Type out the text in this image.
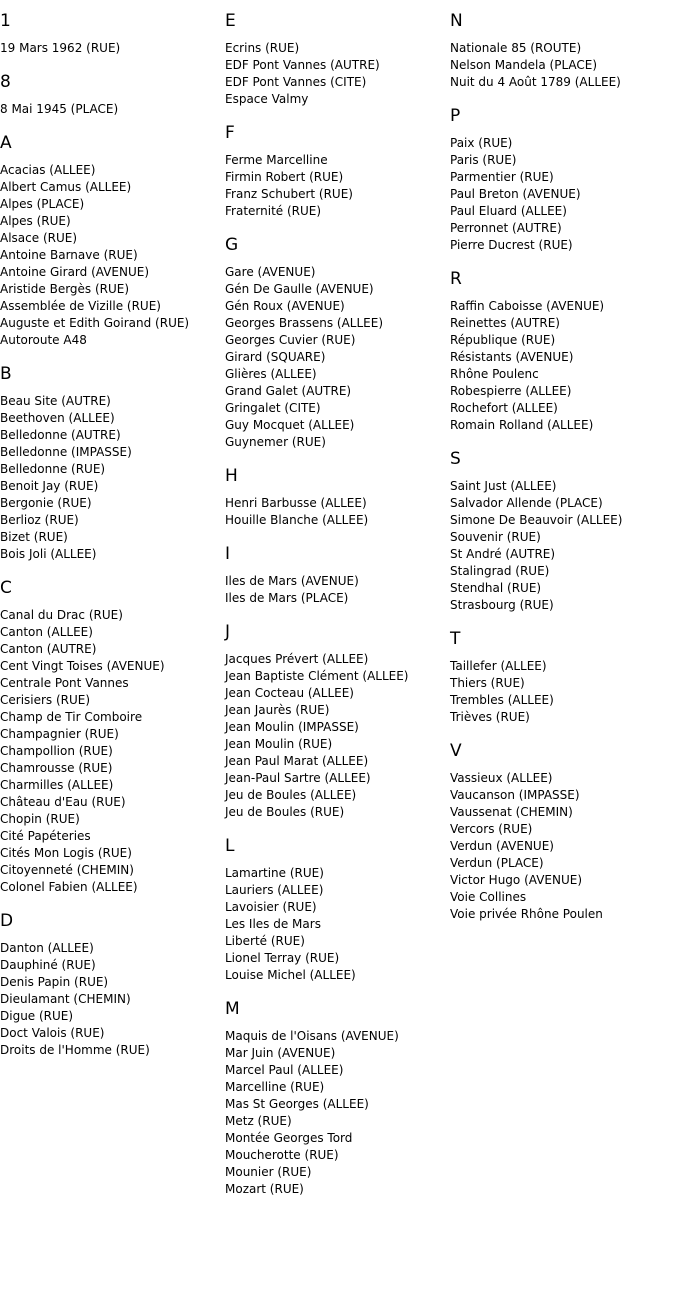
1
19 Mars 1962 (RUE)
8
8 Mai 1945 (PLACE)
A
Acacias (ALLEE)
Albert Camus (ALLEE)
Alpes (PLACE)
Alpes (RUE)
Alsace (RUE)
Antoine Barnave (RUE)
Antoine Girard (AVENUE)
Aristide Bergès (RUE)
Assemblée de Vizille (RUE)
Auguste et Edith Goirand (RUE)
Autoroute A48
B
Beau Site (AUTRE)
Beethoven (ALLEE)
Belledonne (AUTRE)
Belledonne (IMPASSE)
Belledonne (RUE)
Benoit Jay (RUE)
Bergonie (RUE)
Berlioz (RUE)
Bizet (RUE)
Bois Joli (ALLEE)
C
Canal du Drac (RUE)
Canton (ALLEE)
Canton (AUTRE)
Cent Vingt Toises (AVENUE)
Centrale Pont Vannes
Cerisiers (RUE)
Champ de Tir Comboire
Champagnier (RUE)
Champollion (RUE)
Chamrousse (RUE)
Charmilles (ALLEE)
Château d'Eau (RUE)
Chopin (RUE)
Cité Papéteries
Cités Mon Logis (RUE)
Citoyenneté (CHEMIN)
Colonel Fabien (ALLEE)
D
Danton (ALLEE)
Dauphiné (RUE)
Denis Papin (RUE)
Dieulamant (CHEMIN)
Digue (RUE)
Doct Valois (RUE)
Droits de l'Homme (RUE)
E
Ecrins (RUE)
EDF Pont Vannes (AUTRE)
EDF Pont Vannes (CITE)
Espace Valmy
F
Ferme Marcelline
Firmin Robert (RUE)
Franz Schubert (RUE)
Fraternité (RUE)
G
Gare (AVENUE)
Gén De Gaulle (AVENUE)
Gén Roux (AVENUE)
Georges Brassens (ALLEE)
Georges Cuvier (RUE)
Girard (SQUARE)
Glières (ALLEE)
Grand Galet (AUTRE)
Gringalet (CITE)
Guy Mocquet (ALLEE)
Guynemer (RUE)
H
Henri Barbusse (ALLEE)
Houille Blanche (ALLEE)
I
Iles de Mars (AVENUE)
Iles de Mars (PLACE)
J
Jacques Prévert (ALLEE)
Jean Baptiste Clément (ALLEE)
Jean Cocteau (ALLEE)
Jean Jaurès (RUE)
Jean Moulin (IMPASSE)
Jean Moulin (RUE)
Jean Paul Marat (ALLEE)
Jean-Paul Sartre (ALLEE)
Jeu de Boules (ALLEE)
Jeu de Boules (RUE)
L
Lamartine (RUE)
Lauriers (ALLEE)
Lavoisier (RUE)
Les Iles de Mars
Liberté (RUE)
Lionel Terray (RUE)
Louise Michel (ALLEE)
M
Maquis de l'Oisans (AVENUE)
Mar Juin (AVENUE)
Marcel Paul (ALLEE)
Marcelline (RUE)
Mas St Georges (ALLEE)
Metz (RUE)
Montée Georges Tord
Moucherotte (RUE)
Mounier (RUE)
Mozart (RUE)
N
Nationale 85 (ROUTE)
Nelson Mandela (PLACE)
Nuit du 4 Août 1789 (ALLEE)
P
Paix (RUE)
Paris (RUE)
Parmentier (RUE)
Paul Breton (AVENUE)
Paul Eluard (ALLEE)
Perronnet (AUTRE)
Pierre Ducrest (RUE)
R
Raffin Caboisse (AVENUE)
Reinettes (AUTRE)
République (RUE)
Résistants (AVENUE)
Rhône Poulenc
Robespierre (ALLEE)
Rochefort (ALLEE)
Romain Rolland (ALLEE)
S
Saint Just (ALLEE)
Salvador Allende (PLACE)
Simone De Beauvoir (ALLEE)
Souvenir (RUE)
St André (AUTRE)
Stalingrad (RUE)
Stendhal (RUE)
Strasbourg (RUE)
T
Taillefer (ALLEE)
Thiers (RUE)
Trembles (ALLEE)
Trièves (RUE)
V
Vassieux (ALLEE)
Vaucanson (IMPASSE)
Vaussenat (CHEMIN)
Vercors (RUE)
Verdun (AVENUE)
Verdun (PLACE)
Victor Hugo (AVENUE)
Voie Collines
Voie privée Rhône Poulen
